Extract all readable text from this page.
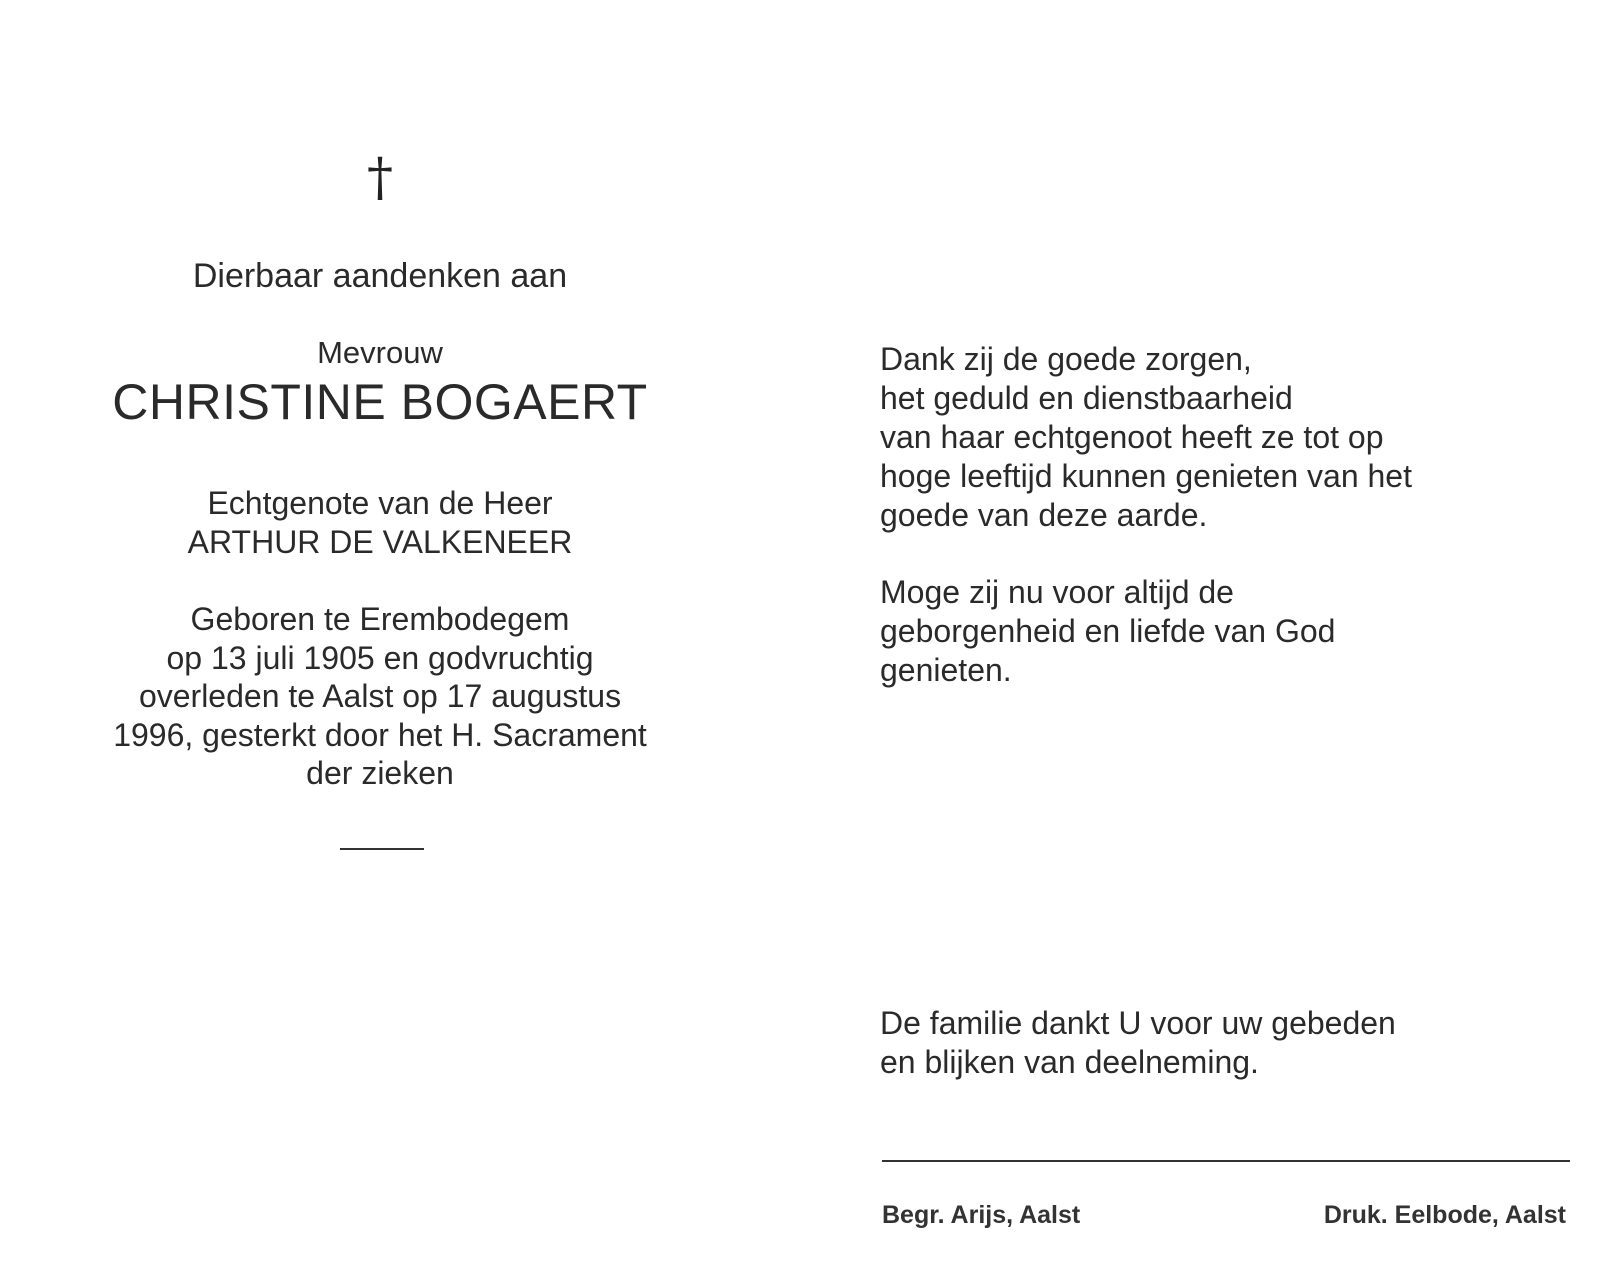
†
Dierbaar aandenken aan
Mevrouw
CHRISTINE BOGAERT
Echtgenote van de Heer
ARTHUR DE VALKENEER
Geboren te Erembodegem
op 13 juli 1905 en godvruchtig
overleden te Aalst op 17 augustus
1996, gesterkt door het H. Sacrament
der zieken
Dank zij de goede zorgen,
het geduld en dienstbaarheid
van haar echtgenoot heeft ze tot op
hoge leeftijd kunnen genieten van het
goede van deze aarde.
Moge zij nu voor altijd de
geborgenheid en liefde van God
genieten.
De familie dankt U voor uw gebeden
en blijken van deelneming.
Begr. Arijs, Aalst	Druk. Eelbode, Aalst
